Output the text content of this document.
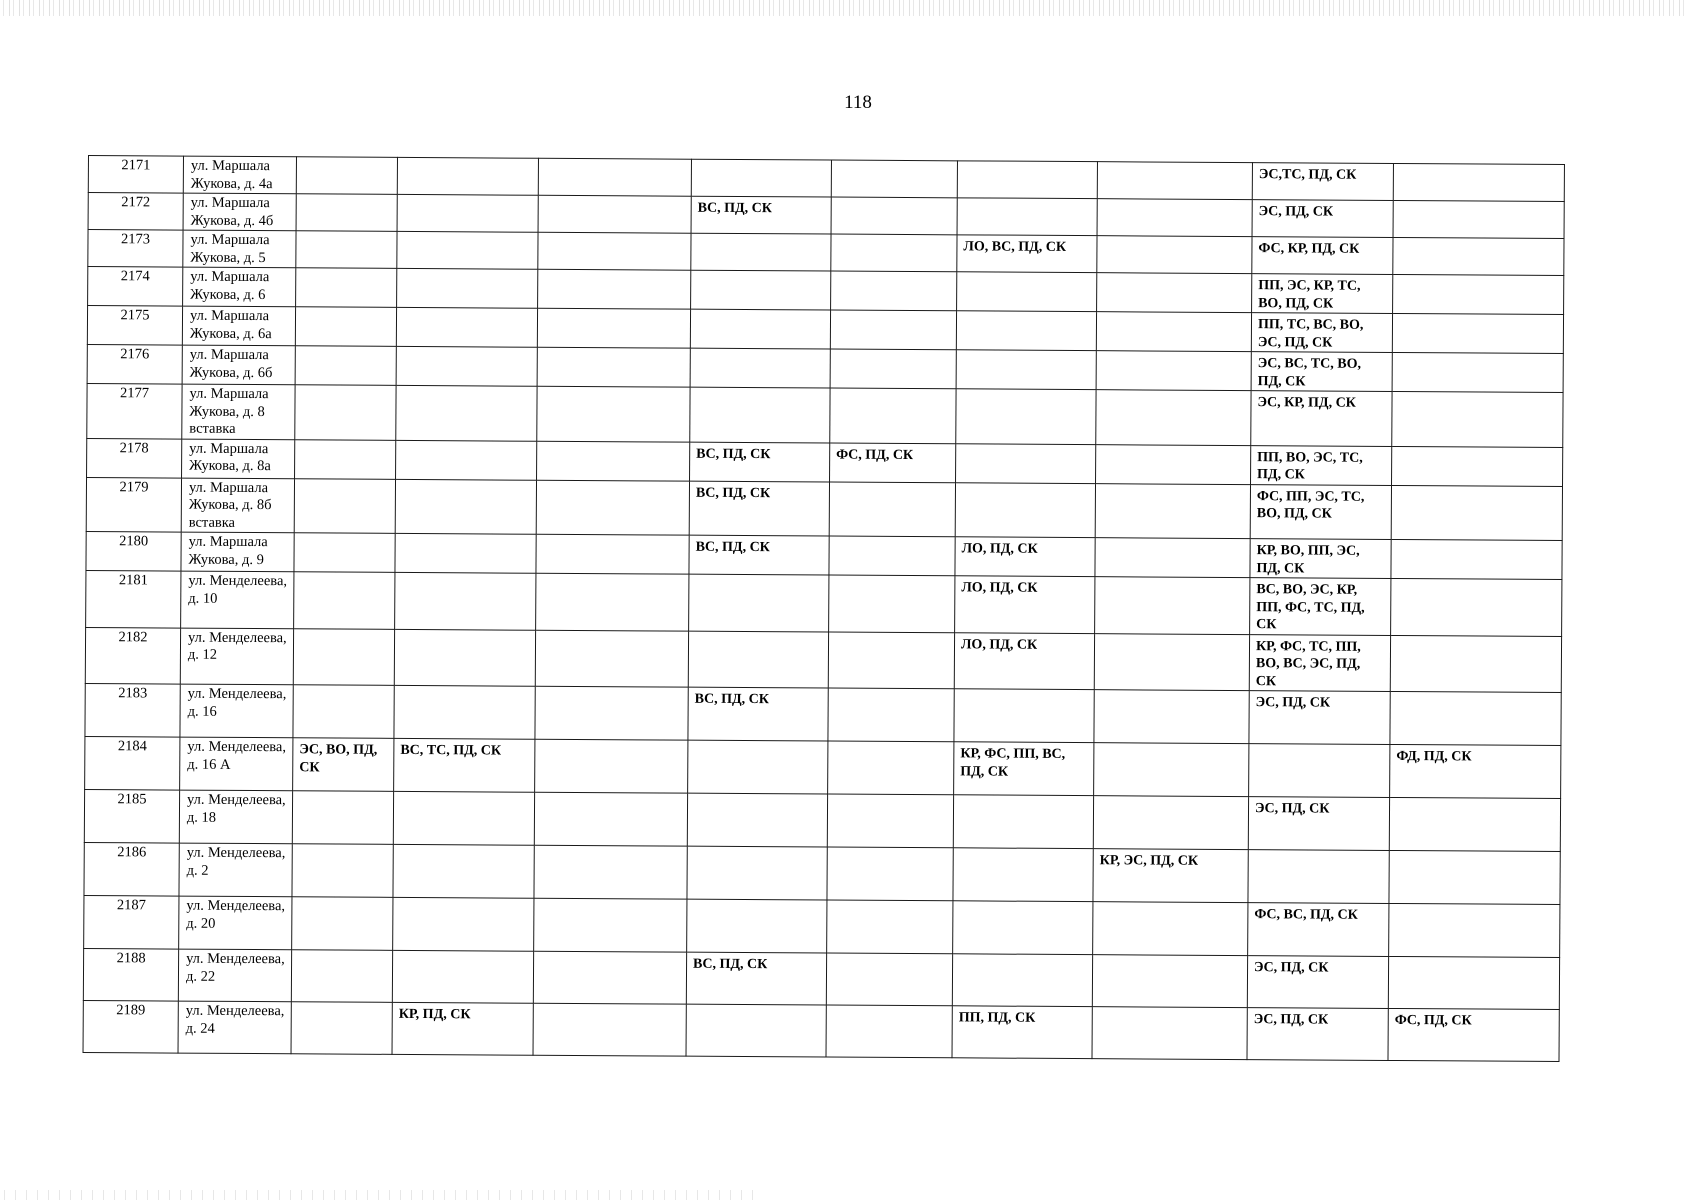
118
2171	ул. Маршала Жукова, д. 4а								ЭС,ТС, ПД, СК	
2172	ул. Маршала Жукова, д. 4б				ВС, ПД, СК				ЭС, ПД, СК	
2173	ул. Маршала Жукова, д. 5						ЛО, ВС, ПД, СК		ФС, КР, ПД, СК	
2174	ул. Маршала Жукова, д. 6								ПП, ЭС, КР, ТС, ВО, ПД, СК	
2175	ул. Маршала Жукова, д. 6а								ПП, ТС, ВС, ВО, ЭС, ПД, СК	
2176	ул. Маршала Жукова, д. 6б								ЭС, ВС, ТС, ВО, ПД, СК	
2177	ул. Маршала Жукова, д. 8 вставка								ЭС, КР, ПД, СК	
2178	ул. Маршала Жукова, д. 8а				ВС, ПД, СК	ФС, ПД, СК			ПП, ВО, ЭС, ТС, ПД, СК	
2179	ул. Маршала Жукова, д. 8б вставка				ВС, ПД, СК				ФС, ПП, ЭС, ТС, ВО, ПД, СК	
2180	ул. Маршала Жукова, д. 9				ВС, ПД, СК		ЛО, ПД, СК		КР, ВО, ПП, ЭС, ПД, СК	
2181	ул. Менделеева, д. 10						ЛО, ПД, СК		ВС, ВО, ЭС, КР, ПП, ФС, ТС, ПД, СК	
2182	ул. Менделеева, д. 12						ЛО, ПД, СК		КР, ФС, ТС, ПП, ВО, ВС, ЭС, ПД, СК	
2183	ул. Менделеева, д. 16				ВС, ПД, СК				ЭС, ПД, СК	
2184	ул. Менделеева, д. 16 А	ЭС, ВО, ПД, СК	ВС, ТС, ПД, СК				КР, ФС, ПП, ВС, ПД, СК			ФД, ПД, СК
2185	ул. Менделеева, д. 18								ЭС, ПД, СК	
2186	ул. Менделеева, д. 2							КР, ЭС, ПД, СК		
2187	ул. Менделеева, д. 20								ФС, ВС, ПД, СК	
2188	ул. Менделеева, д. 22				ВС, ПД, СК				ЭС, ПД, СК	
2189	ул. Менделеева, д. 24		КР, ПД, СК				ПП, ПД, СК		ЭС, ПД, СК	ФС, ПД, СК
